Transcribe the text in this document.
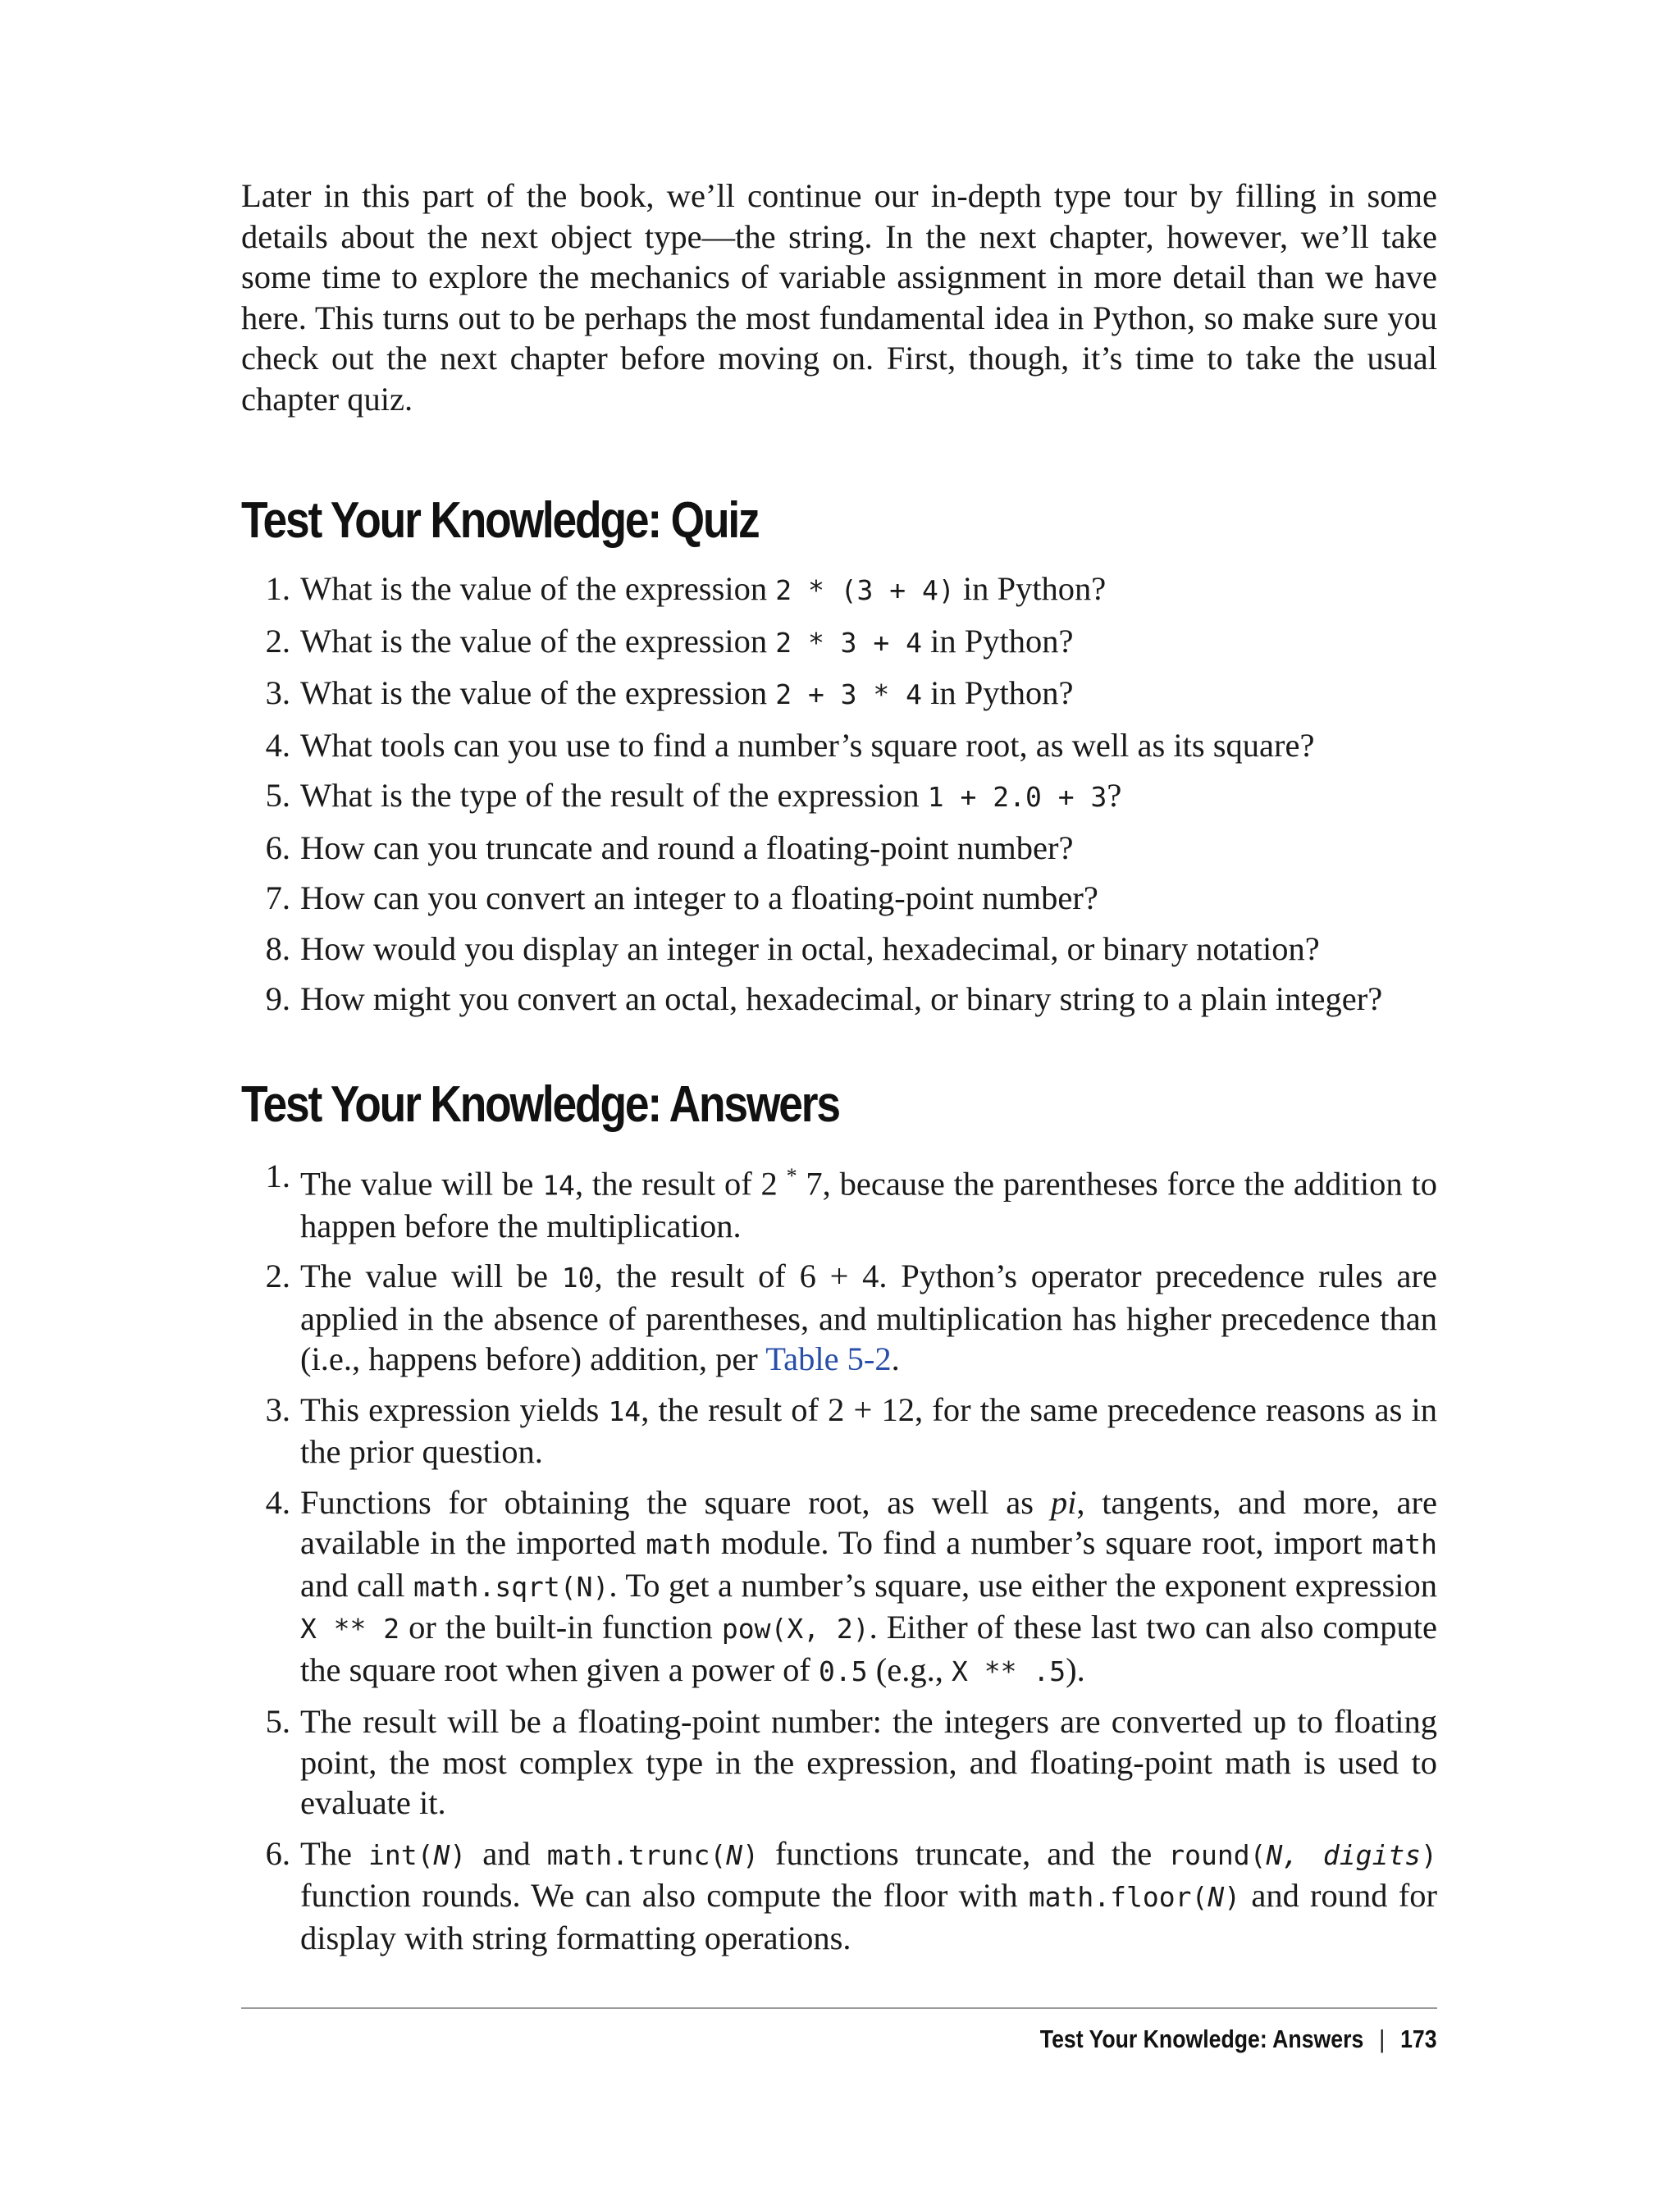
Later in this part of the book, we’ll continue our in-depth type tour by filling in some details about the next object type—the string. In the next chapter, however, we’ll take some time to explore the mechanics of variable assignment in more detail than we have here. This turns out to be perhaps the most fundamental idea in Python, so make sure you check out the next chapter before moving on. First, though, it’s time to take the usual chapter quiz.

Test Your Knowledge: Quiz
1 . What is the value of the expression 2 * (3 + 4) in Python?
2 . What is the value of the expression 2 * 3 + 4 in Python?
3 . What is the value of the expression 2 + 3 * 4 in Python?
4 . What tools can you use to find a number’s square root, as well as its square?
5 . What is the type of the result of the expression 1 + 2.0 + 3?
6 . How can you truncate and round a floating-point number?
7 . How can you convert an integer to a floating-point number?
8 . How would you display an integer in octal, hexadecimal, or binary notation?
9 . How might you convert an octal, hexadecimal, or binary string to a plain integer?
Test Your Knowledge: Answers
1 . The value will be 14, the result of 2 * 7, because the parentheses force the addition to happen before the multiplication.
2 . The value will be 10, the result of 6 + 4. Python’s operator precedence rules are applied in the absence of parentheses, and multiplication has higher precedence than (i.e., happens before) addition, per Table 5-2.
3 . This expression yields 14, the result of 2 + 12, for the same precedence reasons as in the prior question.
4 . Functions for obtaining the square root, as well as pi, tangents, and more, are available in the imported math module. To find a number’s square root, import math and call math.sqrt(N). To get a number’s square, use either the exponent expression X ** 2 or the built-in function pow(X, 2). Either of these last two can also compute the square root when given a power of 0.5 (e.g., X ** .5).
5 . The result will be a floating-point number: the integers are converted up to floating point, the most complex type in the expression, and floating-point math is used to evaluate it.
6 . The int(N) and math.trunc(N) functions truncate, and the round(N, digits) function rounds. We can also compute the floor with math.floor(N) and round for display with string formatting operations.
Test Your Knowledge: Answers | 173
